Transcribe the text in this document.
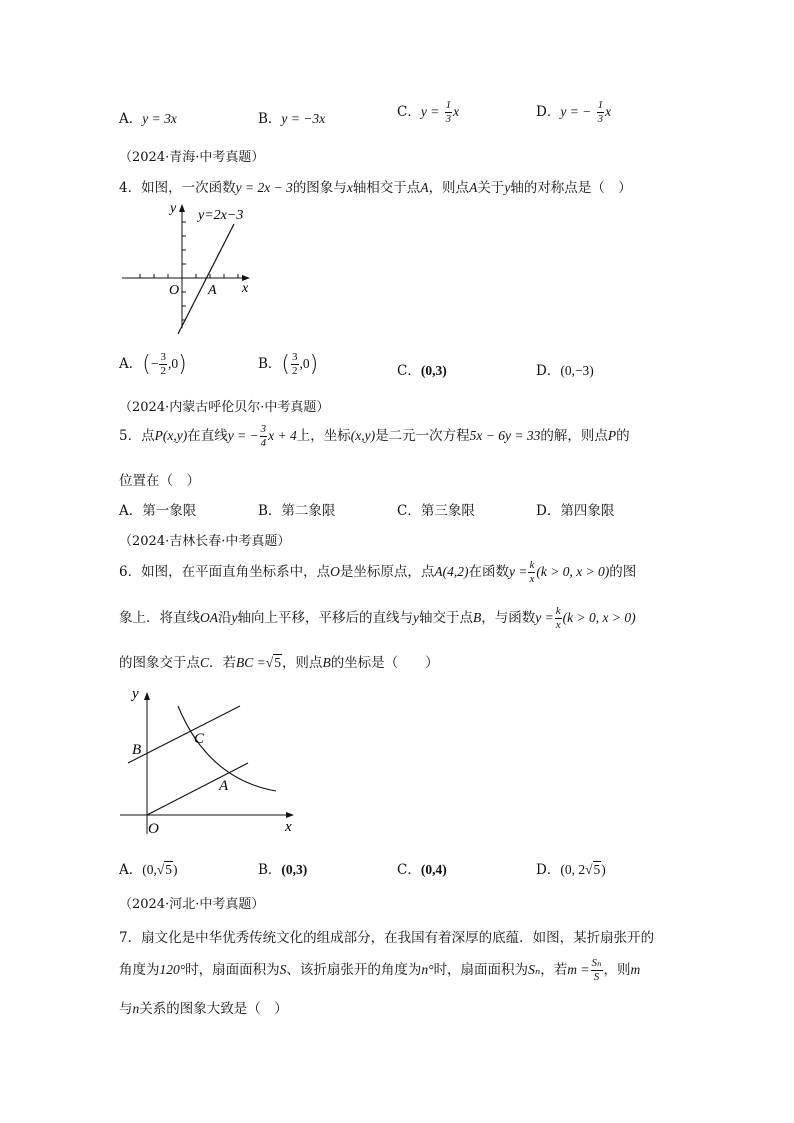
A．y = 3x	B．y = −3x	C．$y = \frac{1}{3}$ x	D．y = − $\frac{1}{3}$ x
（2024·青海·中考真题）
4．如图，一次函数y = 2x − 3的图象与x轴相交于点A，则点A关于y轴的对称点是（　）
y=2x−3
y
x
O A
A．(− $\frac{3}{2} ,0$)	B．( $\frac{3}{2} ,0$)	C．(0,3)	D．(0,−3)
（2024·内蒙古呼伦贝尔·中考真题）
5．点P(x,y)在直线y = − $\frac{3}{4}$ x + 4上，坐标(x,y)是二元一次方程5x − 6y = 33的解，则点P的
位置在（　）
A．第一象限	B．第二象限	C．第三象限	D．第四象限
（2024·吉林长春·中考真题）
6．如图，在平面直角坐标系中，点O是坐标原点，点A(4,2)在函数$y = \frac{k}{x} (k > 0$, x > 0)的图
象上．将直线OA沿y轴向上平移，平移后的直线与y轴交于点B，与函数$y = \frac{k}{x} (k > 0$, x > 0)
的图象交于点C．若BC =√5，则点B的坐标是（　　）
y
x
O
B
C
A
A．(0,√5)	B．(0,3)	C．(0,4)	D．(0, 2√5)
（2024·河北·中考真题）
7．扇文化是中华优秀传统文化的组成部分，在我国有着深厚的底蕴．如图，某折扇张开的
角度为120°时，扇面面积为S、该折扇张开的角度为n°时，扇面面积为Sₙ，若$m = \frac{\text{Sₙ}}{S}$ ，则m
与n关系的图象大致是（　）
